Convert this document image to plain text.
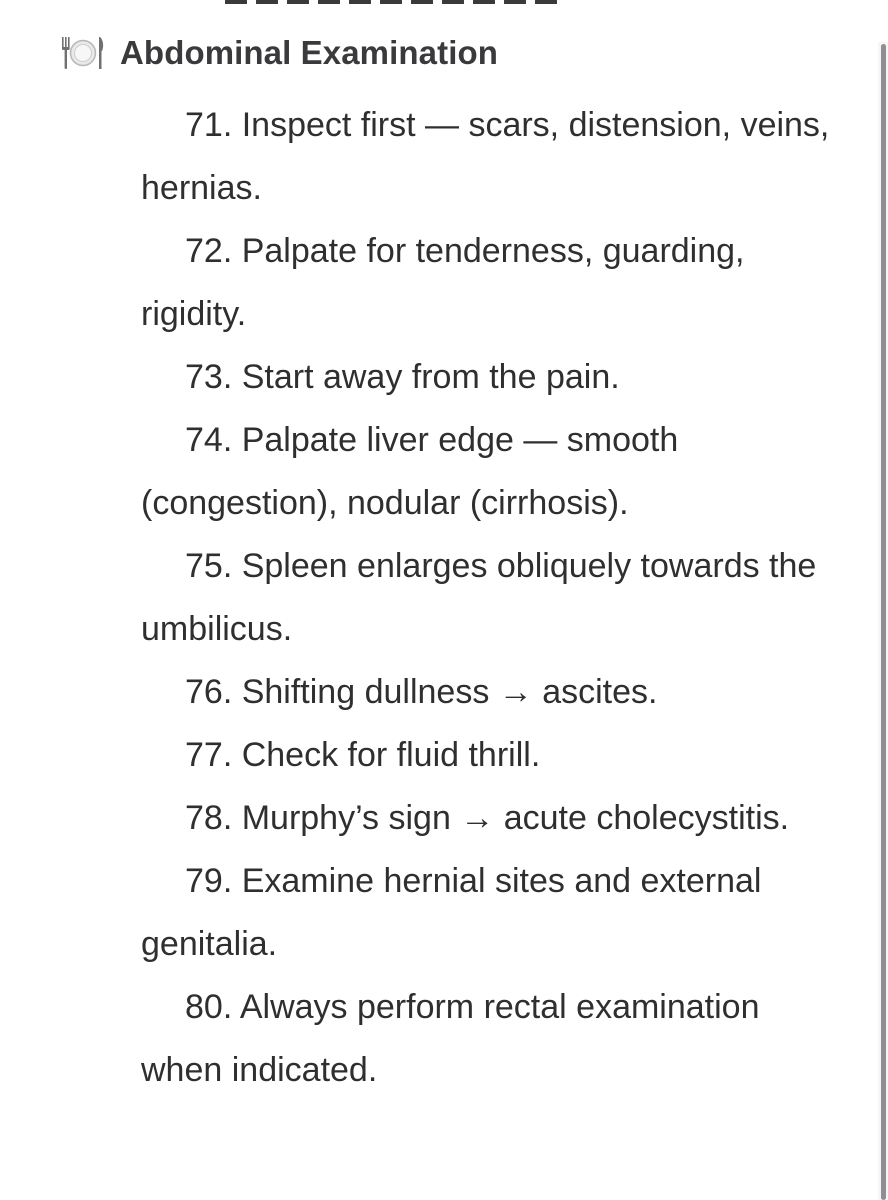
Abdominal Examination
71. Inspect first — scars, distension, veins, hernias.
72. Palpate for tenderness, guarding, rigidity.
73. Start away from the pain.
74. Palpate liver edge — smooth (congestion), nodular (cirrhosis).
75. Spleen enlarges obliquely towards the umbilicus.
76. Shifting dullness → ascites.
77. Check for fluid thrill.
78. Murphy’s sign → acute cholecystitis.
79. Examine hernial sites and external genitalia.
80. Always perform rectal examination when indicated.
